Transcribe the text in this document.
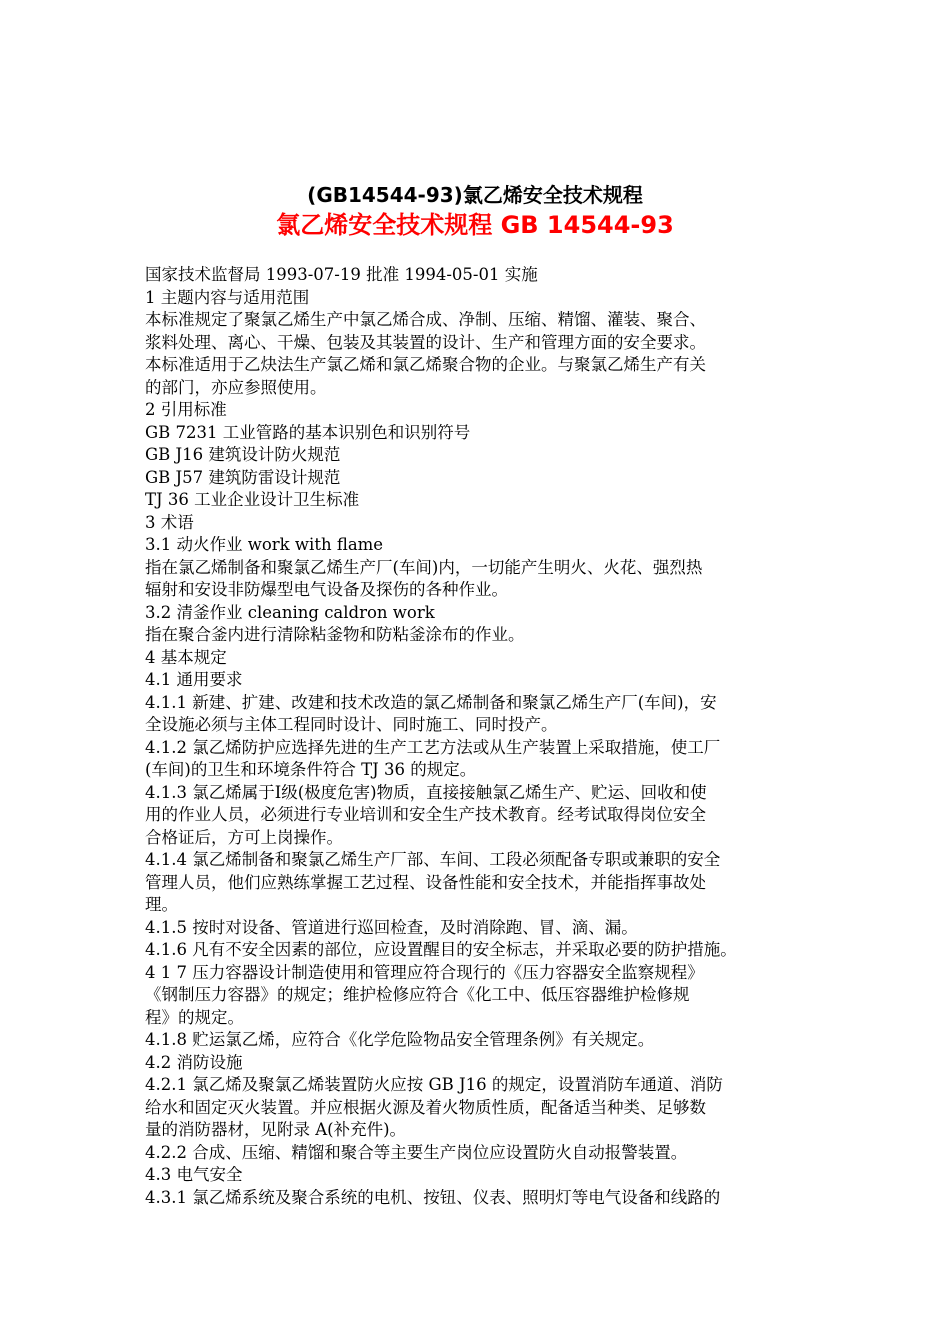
(GB14544-93)氯乙烯安全技术规程
氯乙烯安全技术规程 GB 14544-93
国家技术监督局 1993-07-19 批准 1994-05-01 实施
1 主题内容与适用范围
本标准规定了聚氯乙烯生产中氯乙烯合成、净制、压缩、精馏、灌装、聚合、
浆料处理、离心、干燥、包装及其装置的设计、生产和管理方面的安全要求。
本标准适用于乙炔法生产氯乙烯和氯乙烯聚合物的企业。与聚氯乙烯生产有关
的部门，亦应参照使用。
2 引用标准
GB 7231 工业管路的基本识别色和识别符号
GB J16 建筑设计防火规范
GB J57 建筑防雷设计规范
TJ 36 工业企业设计卫生标准
3 术语
3.1 动火作业 work with flame
指在氯乙烯制备和聚氯乙烯生产厂(车间)内，一切能产生明火、火花、强烈热
辐射和安设非防爆型电气设备及探伤的各种作业。
3.2 清釜作业 cleaning caldron work
指在聚合釜内进行清除粘釜物和防粘釜涂布的作业。
4 基本规定
4.1 通用要求
4.1.1 新建、扩建、改建和技术改造的氯乙烯制备和聚氯乙烯生产厂(车间)，安
全设施必须与主体工程同时设计、同时施工、同时投产。
4.1.2 氯乙烯防护应选择先进的生产工艺方法或从生产装置上采取措施，使工厂
(车间)的卫生和环境条件符合 TJ 36 的规定。
4.1.3 氯乙烯属于Ⅰ级(极度危害)物质，直接接触氯乙烯生产、贮运、回收和使
用的作业人员，必须进行专业培训和安全生产技术教育。经考试取得岗位安全
合格证后，方可上岗操作。
4.1.4 氯乙烯制备和聚氯乙烯生产厂部、车间、工段必须配备专职或兼职的安全
管理人员，他们应熟练掌握工艺过程、设备性能和安全技术，并能指挥事故处
理。
4.1.5 按时对设备、管道进行巡回检查，及时消除跑、冒、滴、漏。
4.1.6 凡有不安全因素的部位，应设置醒目的安全标志，并采取必要的防护措施。
4 1 7 压力容器设计制造使用和管理应符合现行的《压力容器安全监察规程》
《钢制压力容器》的规定；维护检修应符合《化工中、低压容器维护检修规
程》的规定。
4.1.8 贮运氯乙烯，应符合《化学危险物品安全管理条例》有关规定。
4.2 消防设施
4.2.1 氯乙烯及聚氯乙烯装置防火应按 GB J16 的规定，设置消防车通道、消防
给水和固定灭火装置。并应根据火源及着火物质性质，配备适当种类、足够数
量的消防器材，见附录 A(补充件)。
4.2.2 合成、压缩、精馏和聚合等主要生产岗位应设置防火自动报警装置。
4.3 电气安全
4.3.1 氯乙烯系统及聚合系统的电机、按钮、仪表、照明灯等电气设备和线路的
